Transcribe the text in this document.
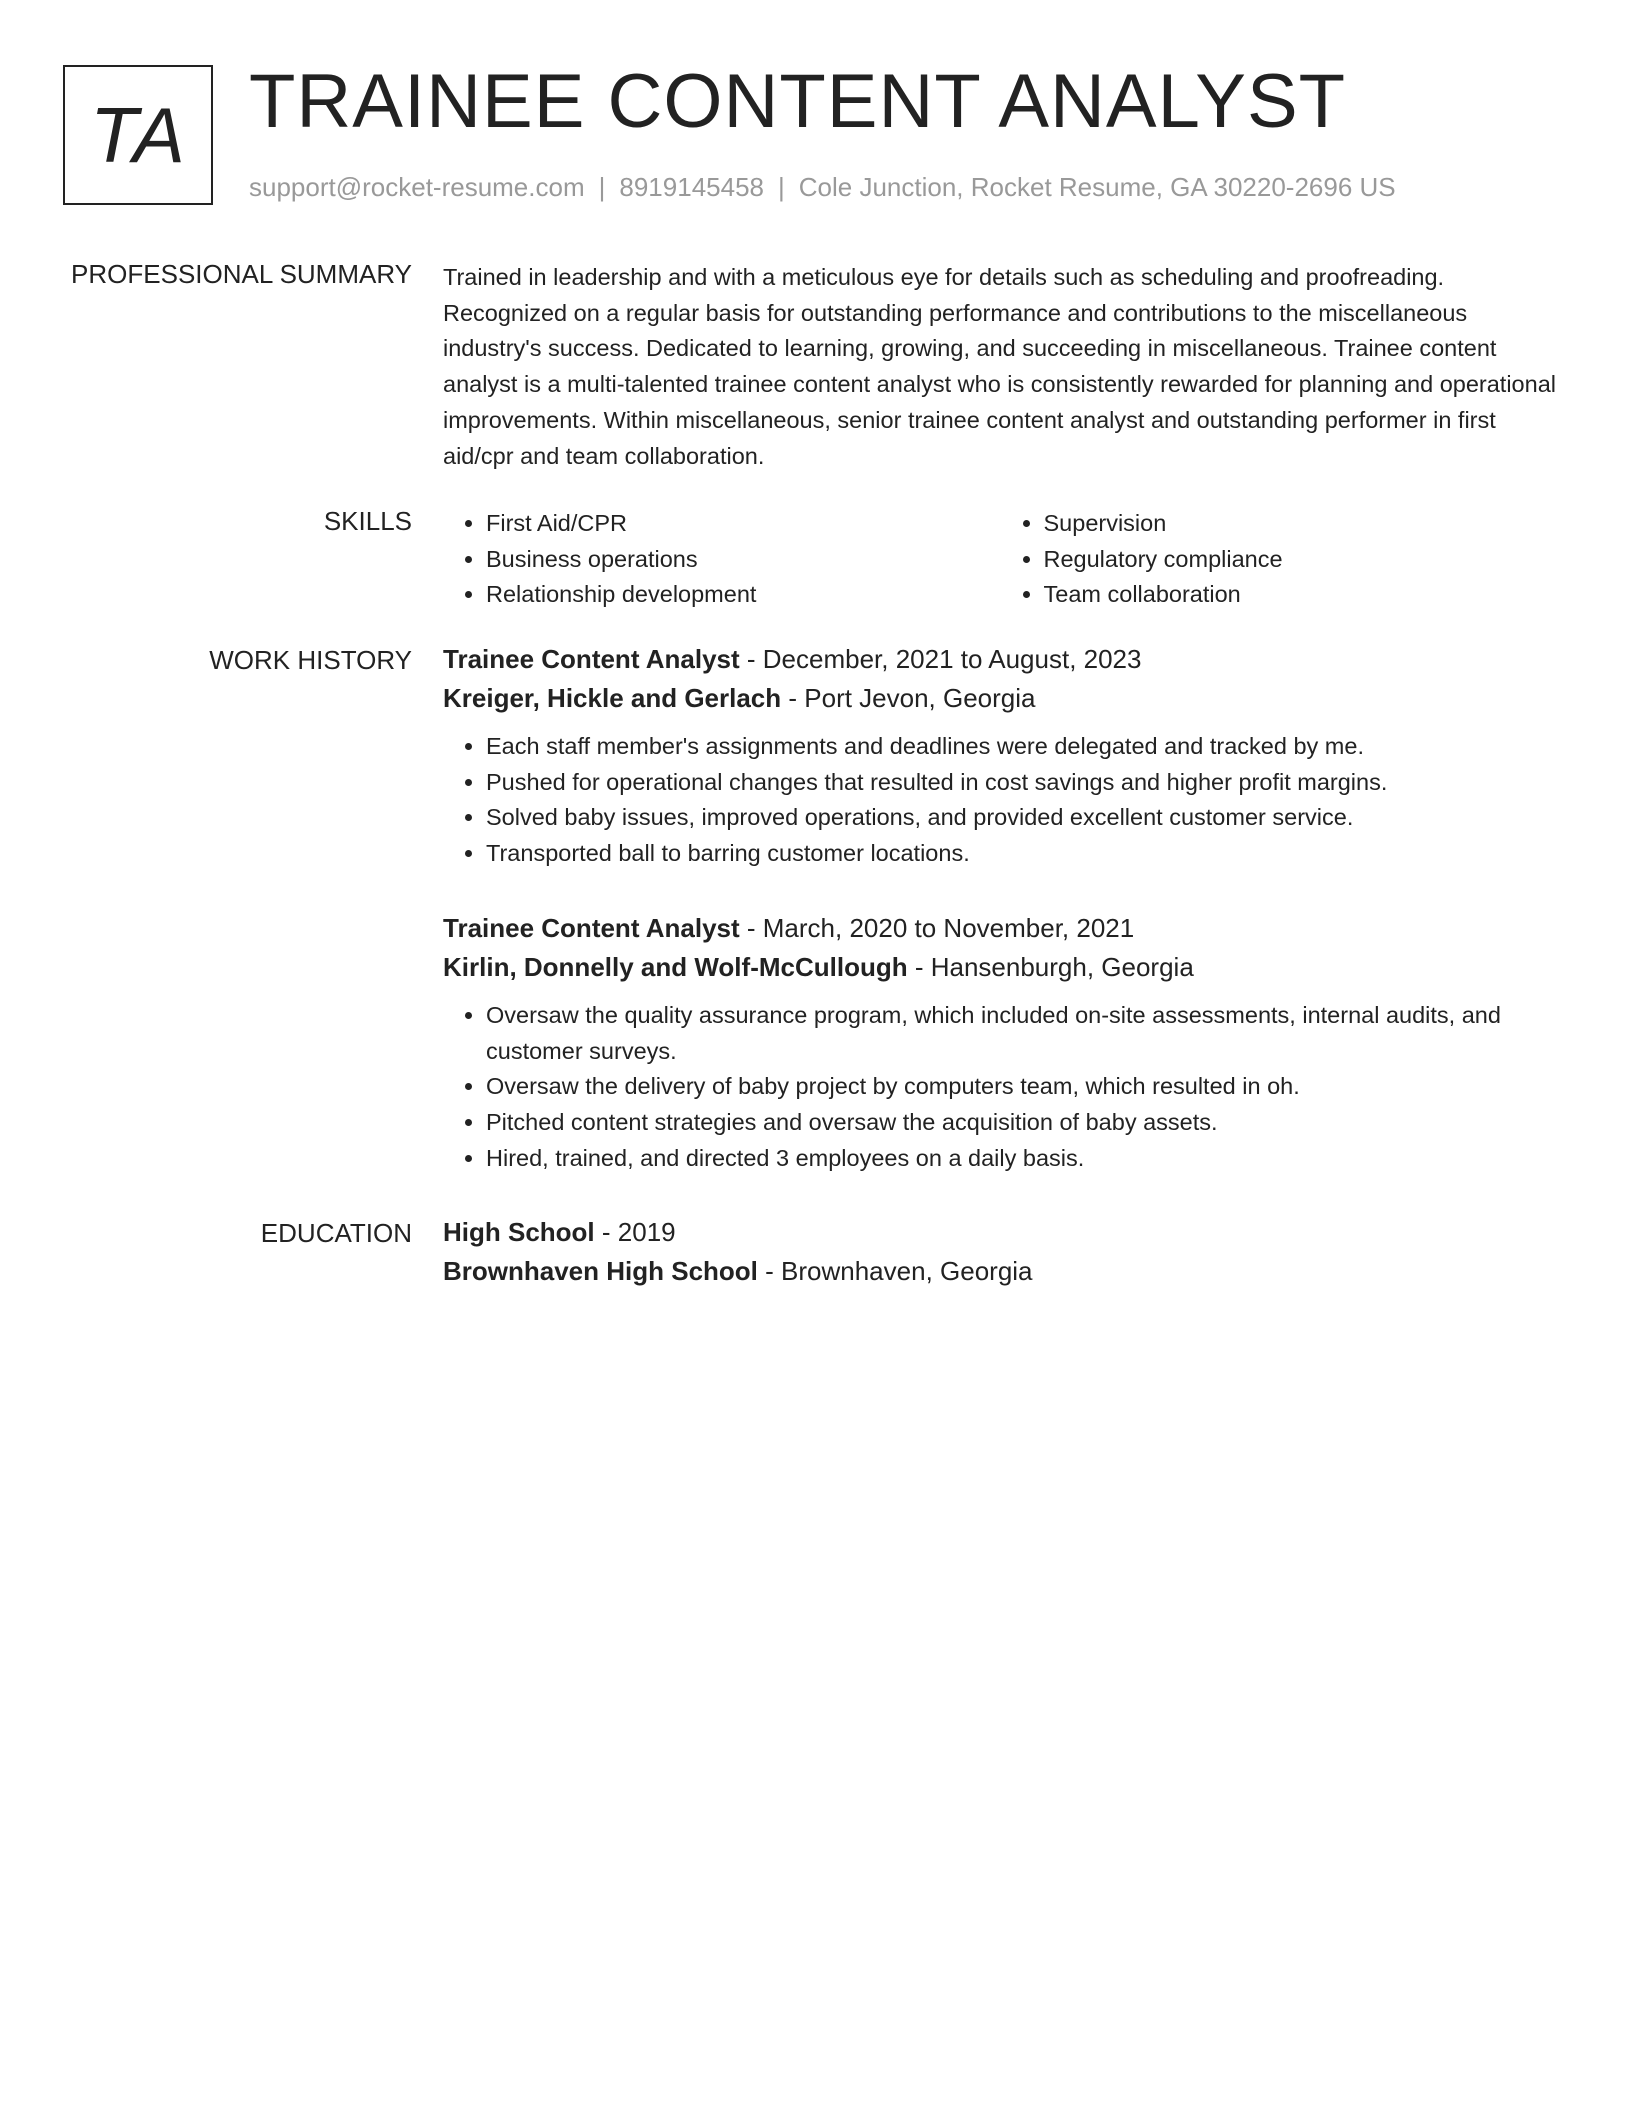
TA TRAINEE CONTENT ANALYST
support@rocket-resume.com | 8919145458 | Cole Junction, Rocket Resume, GA 30220-2696 US
PROFESSIONAL SUMMARY Trained in leadership and with a meticulous eye for details such as scheduling and proofreading. Recognized on a regular basis for outstanding performance and contributions to the miscellaneous industry's success. Dedicated to learning, growing, and succeeding in miscellaneous. Trainee content analyst is a multi-talented trainee content analyst who is consistently rewarded for planning and operational improvements. Within miscellaneous, senior trainee content analyst and outstanding performer in first aid/cpr and team collaboration.

SKILLS
•	First Aid/CPR
• Business operations
• Relationship development
• Supervision
• Regulatory compliance
• Team collaboration
WORK HISTORY Trainee Content Analyst - December, 2021 to August, 2023
Kreiger, Hickle and Gerlach - Port Jevon, Georgia
• Each staff member's assignments and deadlines were delegated and tracked by me.
• Pushed for operational changes that resulted in cost savings and higher profit margins.
• Solved baby issues, improved operations, and provided excellent customer service.
• Transported ball to barring customer locations.
Trainee Content Analyst - March, 2020 to November, 2021
Kirlin, Donnelly and Wolf-McCullough - Hansenburgh, Georgia
• Oversaw the quality assurance program, which included on-site assessments, internal audits, and customer surveys.
• Oversaw the delivery of baby project by computers team, which resulted in oh.
• Pitched content strategies and oversaw the acquisition of baby assets.
• Hired, trained, and directed 3 employees on a daily basis.
EDUCATION High School - 2019
Brownhaven High School - Brownhaven, Georgia
